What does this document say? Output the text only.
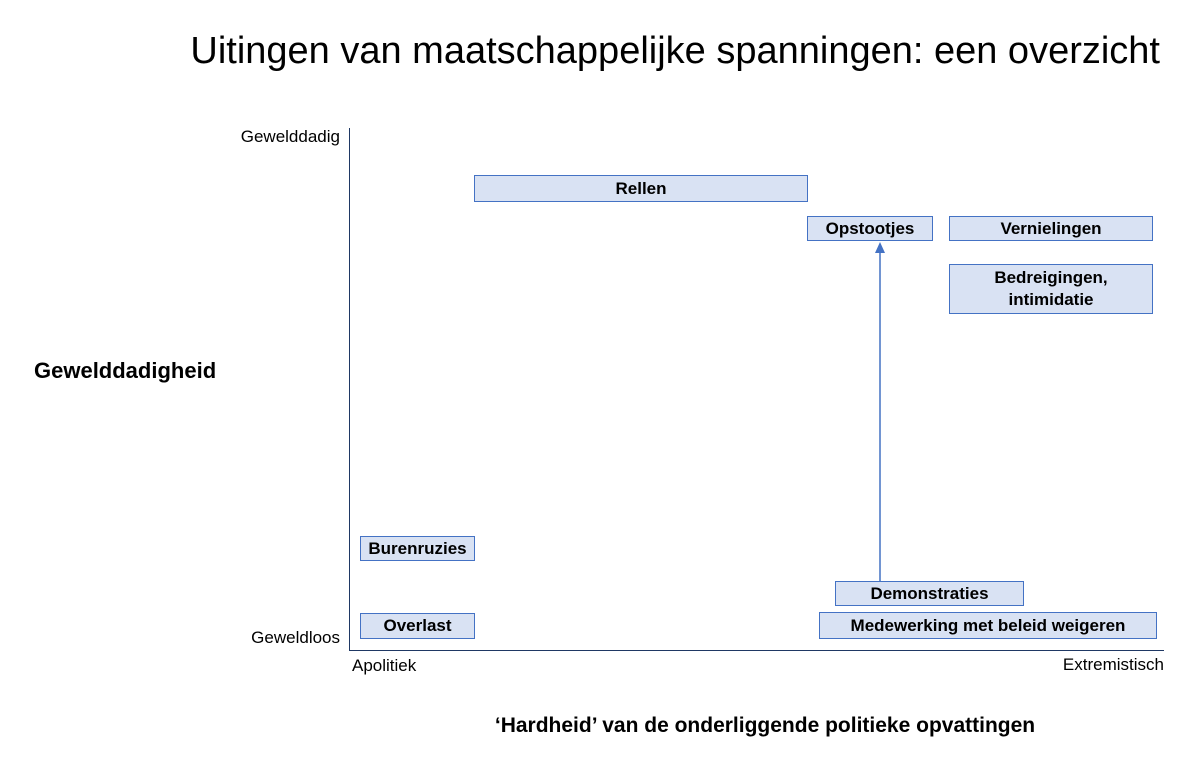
Uitingen van maatschappelijke spanningen: een overzicht
Gewelddadigheid
Gewelddadig
Geweldloos
Apolitiek	Extremistisch
‘Hardheid’ van de onderliggende politieke opvattingen
Rellen
Opstootjes	Vernielingen
Bedreigingen,
intimidatie
Burenruzies
Overlast
Demonstraties
Medewerking met beleid weigeren
